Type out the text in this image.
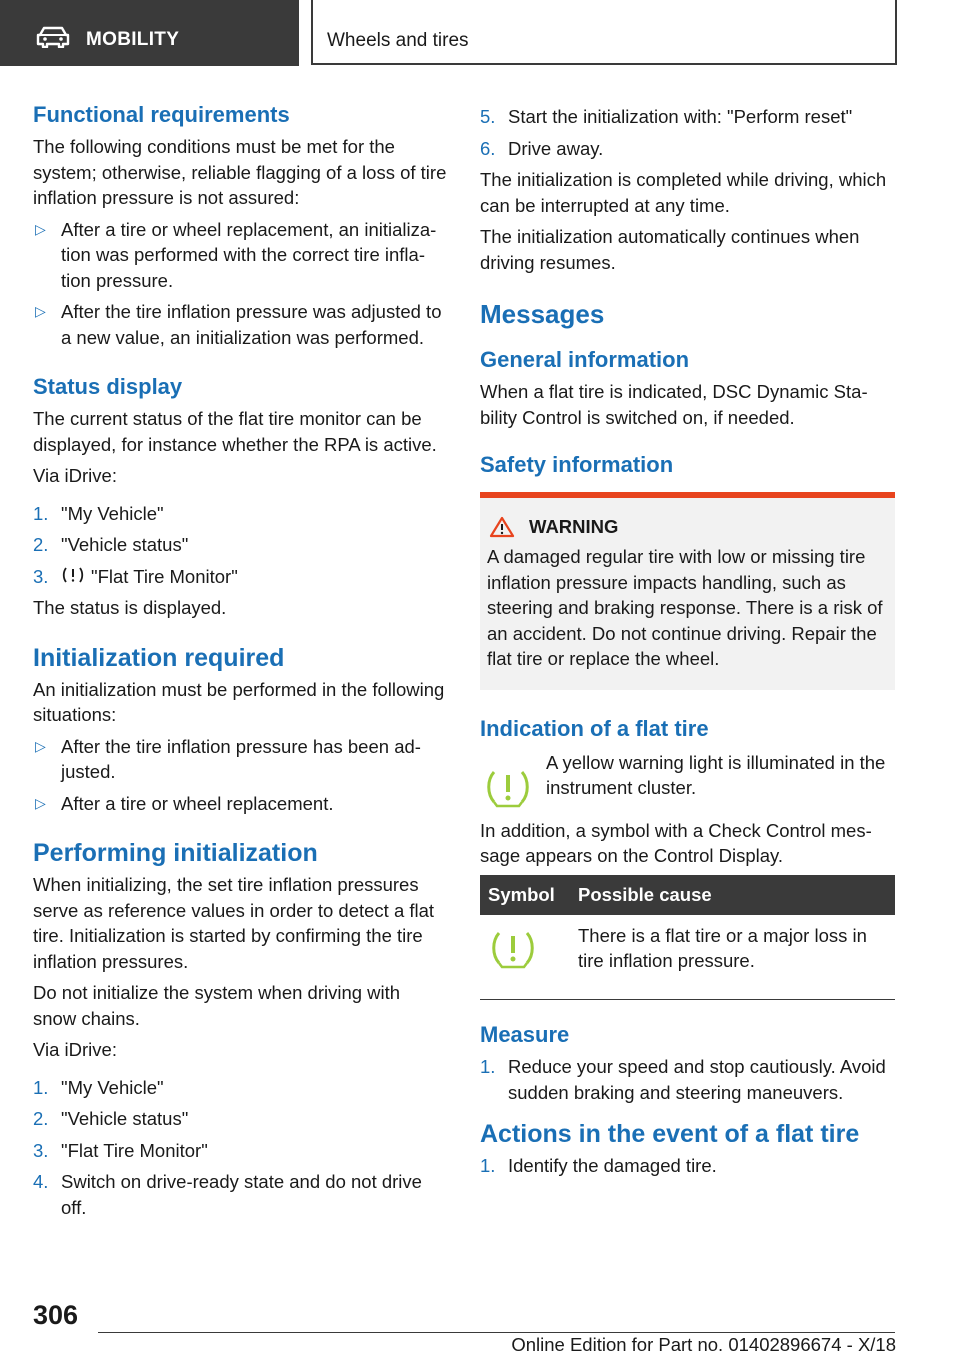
MOBILITY	Wheels and tires
Functional requirements

The following conditions must be met for the system; otherwise, reliable flagging of a loss of tire inflation pressure is not assured:

▷ After a tire or wheel replacement, an initialization was performed with the correct tire inflation pressure.
▷ After the tire inflation pressure was adjusted to a new value, an initialization was performed.
Status display

The current status of the flat tire monitor can be displayed, for instance whether the RPA is active.

Via iDrive:

1. "My Vehicle"
2. "Vehicle status"
3. "Flat Tire Monitor"

The status is displayed.

Initialization required

An initialization must be performed in the following situations:

▷ After the tire inflation pressure has been adjusted.
▷ After a tire or wheel replacement.
Performing initialization

When initializing, the set tire inflation pressures serve as reference values in order to detect a flat tire. Initialization is started by confirming the tire inflation pressures.

Do not initialize the system when driving with snow chains.

Via iDrive:

1. "My Vehicle"
2. "Vehicle status"
3. "Flat Tire Monitor"
4. Switch on drive-ready state and do not drive off.
5. Start the initialization with: "Perform reset"
6. Drive away.

The initialization is completed while driving, which can be interrupted at any time.

The initialization automatically continues when driving resumes.

Messages
General information

When a flat tire is indicated, DSC Dynamic Stability Control is switched on, if needed.

Safety information
WARNING

A damaged regular tire with low or missing tire inflation pressure impacts handling, such as steering and braking response. There is a risk of an accident. Do not continue driving. Repair the flat tire or replace the wheel.

Indication of a flat tire

A yellow warning light is illuminated in the instrument cluster.

In addition, a symbol with a Check Control message appears on the Control Display.

Symbol	Possible cause
	There is a flat tire or a major loss in tire inflation pressure.
Measure
1. Reduce your speed and stop cautiously. Avoid sudden braking and steering maneuvers.
Actions in the event of a flat tire
1. Identify the damaged tire.
306
Online Edition for Part no. 01402896674 - X/18
